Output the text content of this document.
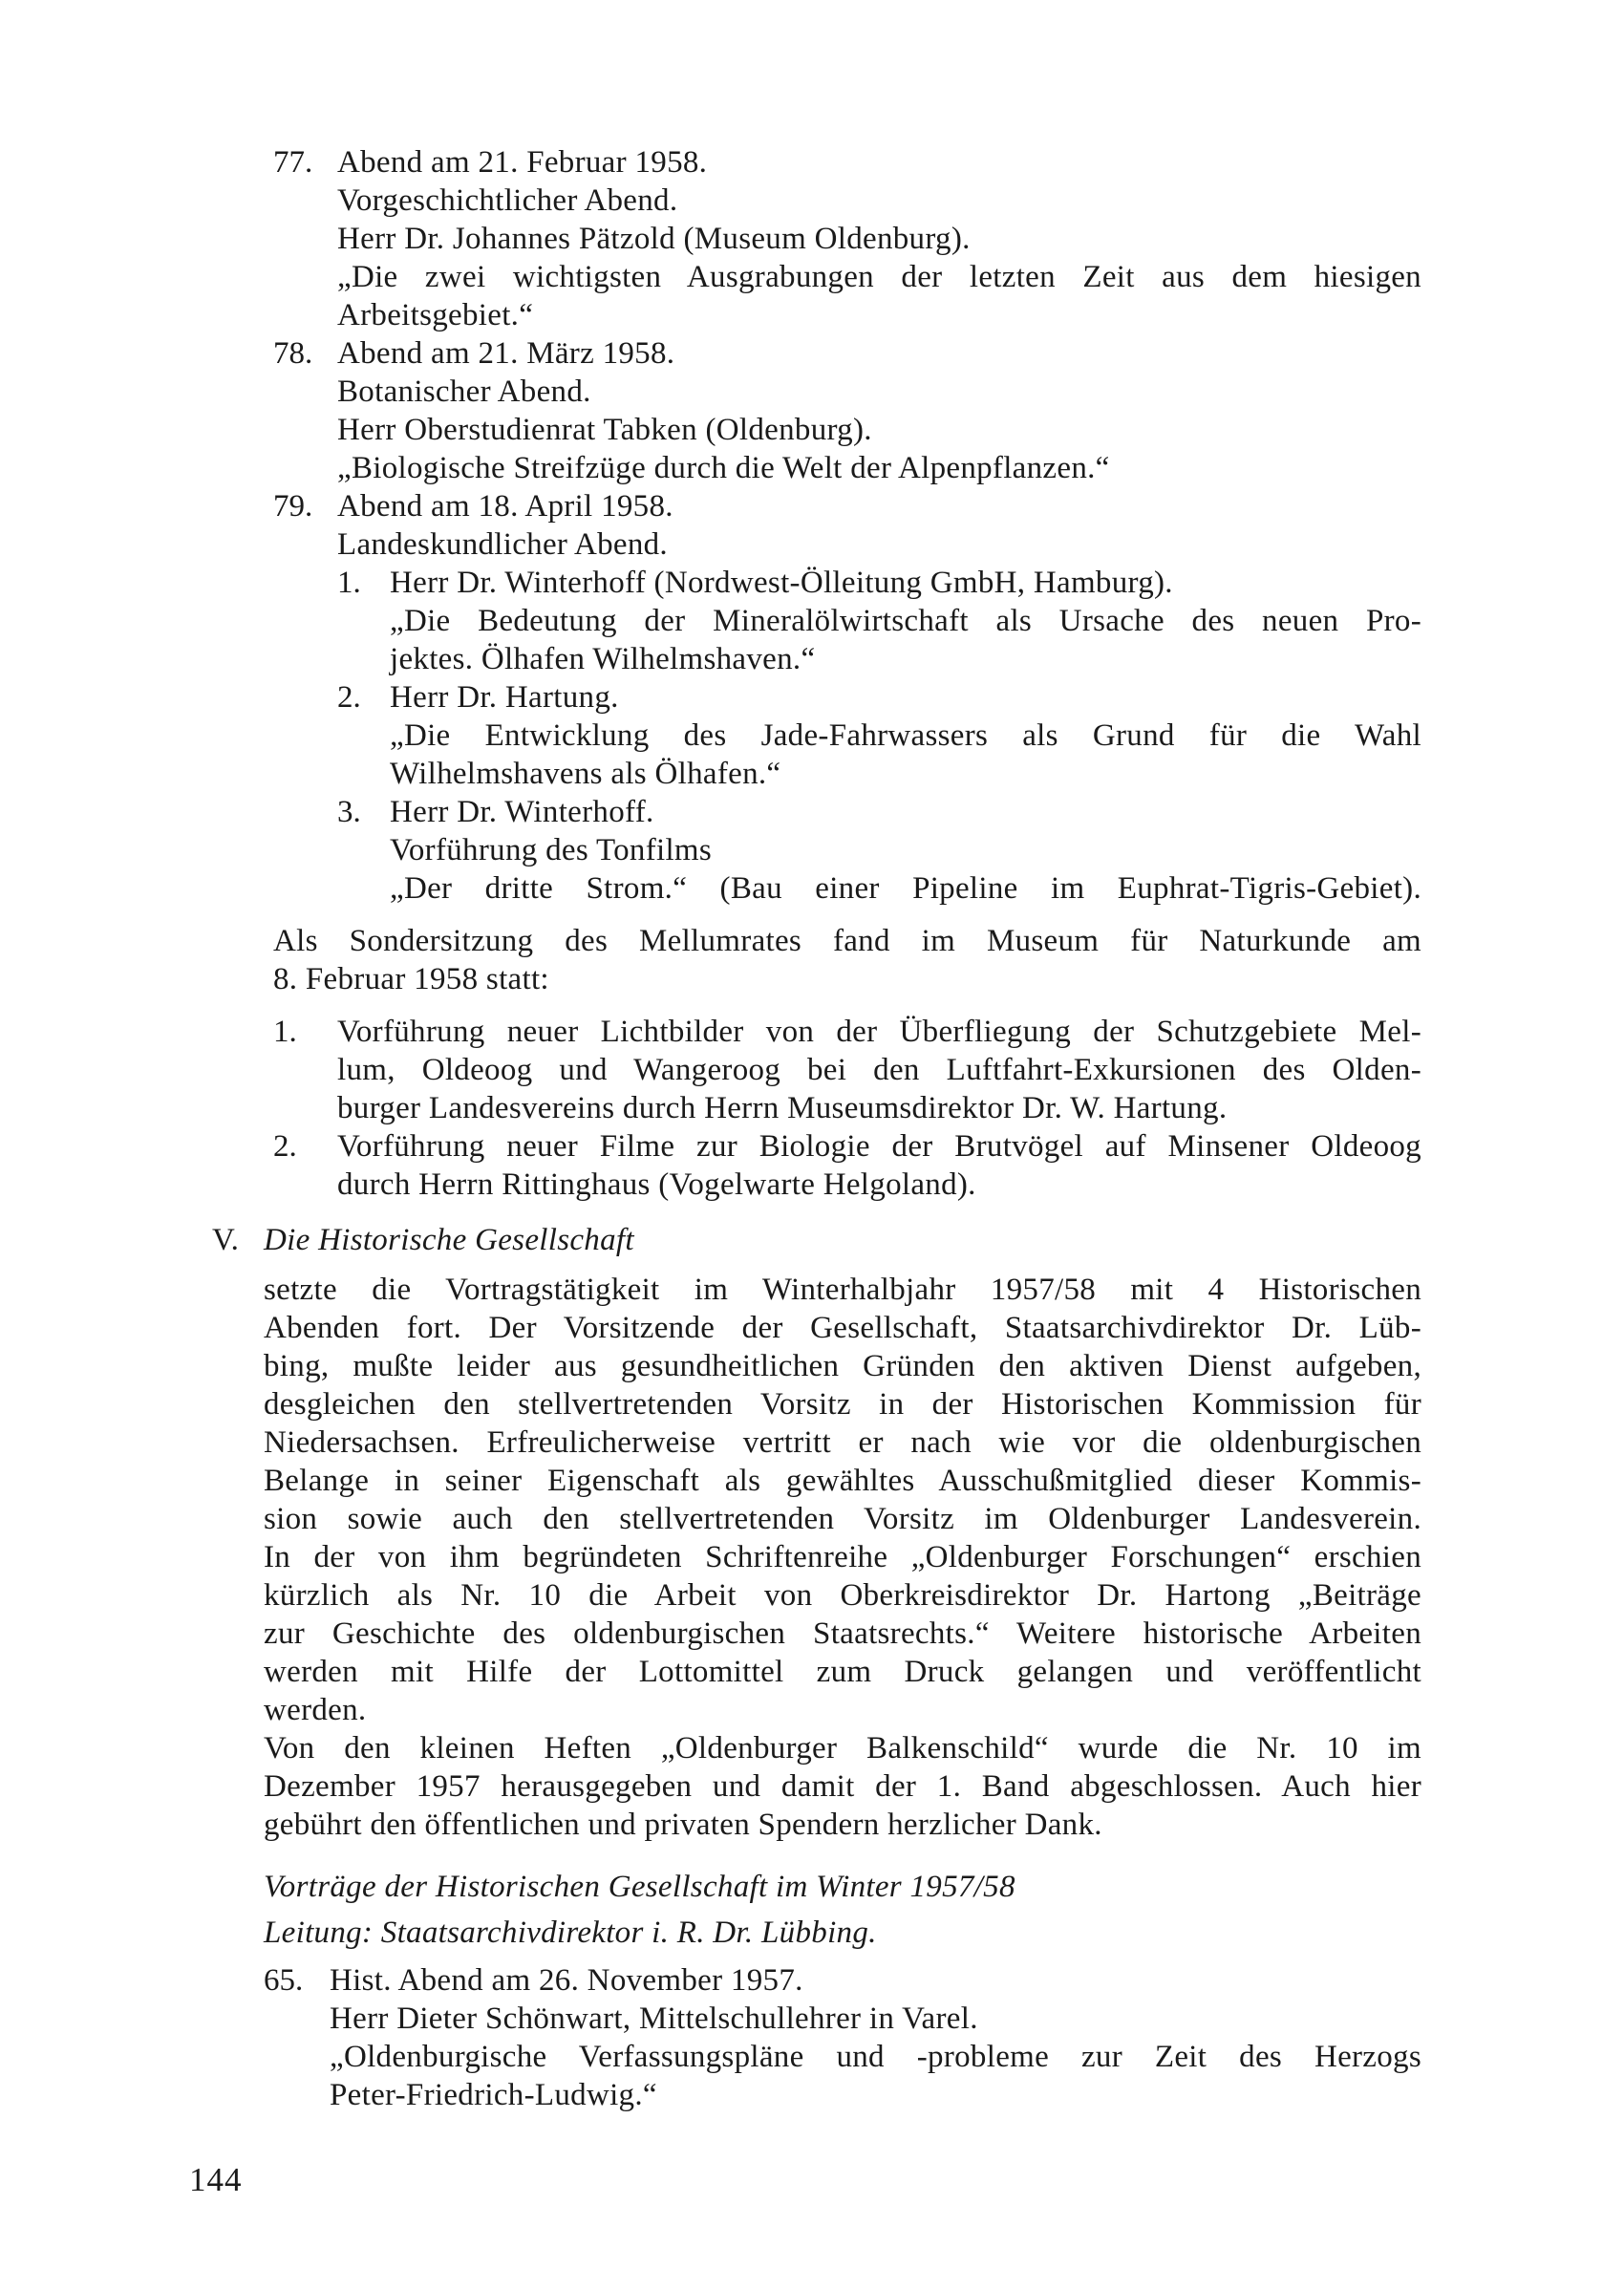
77. Abend am 21. Februar 1958.
Vorgeschichtlicher Abend.
Herr Dr. Johannes Pätzold (Museum Oldenburg).
„Die zwei wichtigsten Ausgrabungen der letzten Zeit aus dem hiesigen
Arbeitsgebiet.“
78. Abend am 21. März 1958.
Botanischer Abend.
Herr Oberstudienrat Tabken (Oldenburg).
„Biologische Streifzüge durch die Welt der Alpenpflanzen.“
79. Abend am 18. April 1958.
Landeskundlicher Abend.
1. Herr Dr. Winterhoff (Nordwest-Ölleitung GmbH, Hamburg).
„Die Bedeutung der Mineralölwirtschaft als Ursache des neuen Pro-
jektes. Ölhafen Wilhelmshaven.“
2. Herr Dr. Hartung.
„Die Entwicklung des Jade-Fahrwassers als Grund für die Wahl
Wilhelmshavens als Ölhafen.“
3. Herr Dr. Winterhoff.
Vorführung des Tonfilms
„Der dritte Strom.“ (Bau einer Pipeline im Euphrat-Tigris-Gebiet).
Als Sondersitzung des Mellumrates fand im Museum für Naturkunde am
8. Februar 1958 statt:
1. Vorführung neuer Lichtbilder von der Überfliegung der Schutzgebiete Mel-
lum, Oldeoog und Wangeroog bei den Luftfahrt-Exkursionen des Olden-
burger Landesvereins durch Herrn Museumsdirektor Dr. W. Hartung.
2. Vorführung neuer Filme zur Biologie der Brutvögel auf Minsener Oldeoog
durch Herrn Rittinghaus (Vogelwarte Helgoland).
V. Die Historische Gesellschaft
setzte die Vortragstätigkeit im Winterhalbjahr 1957/58 mit 4 Historischen
Abenden fort. Der Vorsitzende der Gesellschaft, Staatsarchivdirektor Dr. Lüb-
bing, mußte leider aus gesundheitlichen Gründen den aktiven Dienst aufgeben,
desgleichen den stellvertretenden Vorsitz in der Historischen Kommission für
Niedersachsen. Erfreulicherweise vertritt er nach wie vor die oldenburgischen
Belange in seiner Eigenschaft als gewähltes Ausschußmitglied dieser Kommis-
sion sowie auch den stellvertretenden Vorsitz im Oldenburger Landesverein.
In der von ihm begründeten Schriftenreihe „Oldenburger Forschungen“ erschien
kürzlich als Nr. 10 die Arbeit von Oberkreisdirektor Dr. Hartong „Beiträge
zur Geschichte des oldenburgischen Staatsrechts.“ Weitere historische Arbeiten
werden mit Hilfe der Lottomittel zum Druck gelangen und veröffentlicht
werden.
Von den kleinen Heften „Oldenburger Balkenschild“ wurde die Nr. 10 im
Dezember 1957 herausgegeben und damit der 1. Band abgeschlossen. Auch hier
gebührt den öffentlichen und privaten Spendern herzlicher Dank.
Vorträge der Historischen Gesellschaft im Winter 1957/58
Leitung: Staatsarchivdirektor i. R. Dr. Lübbing.
65. Hist. Abend am 26. November 1957.
Herr Dieter Schönwart, Mittelschullehrer in Varel.
„Oldenburgische Verfassungspläne und -probleme zur Zeit des Herzogs
Peter-Friedrich-Ludwig.“
144
